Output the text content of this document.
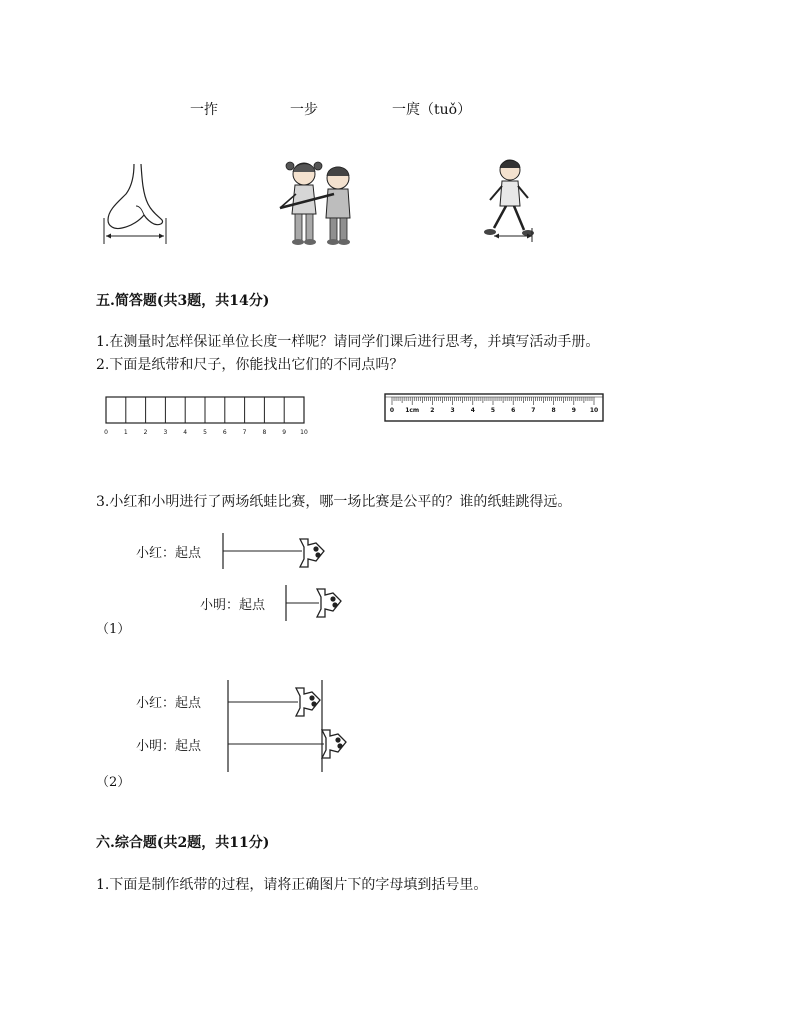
一拃	一步	一庹（tuǒ）
五.简答题(共3题，共14分)
1.在测量时怎样保证单位长度一样呢？请同学们课后进行思考，并填写活动手册。
2.下面是纸带和尺子，你能找出它们的不同点吗？
0	1	2	3	4	5	6	7	8	9 10
0 1cm 2	3	4	5	6	7	8	9 10
3.小红和小明进行了两场纸蛙比赛，哪一场比赛是公平的？谁的纸蛙跳得远。
小红：起点
小明：起点
（1）
小红：起点
小明：起点
（2）
六.综合题(共2题，共11分)
1.下面是制作纸带的过程，请将正确图片下的字母填到括号里。
